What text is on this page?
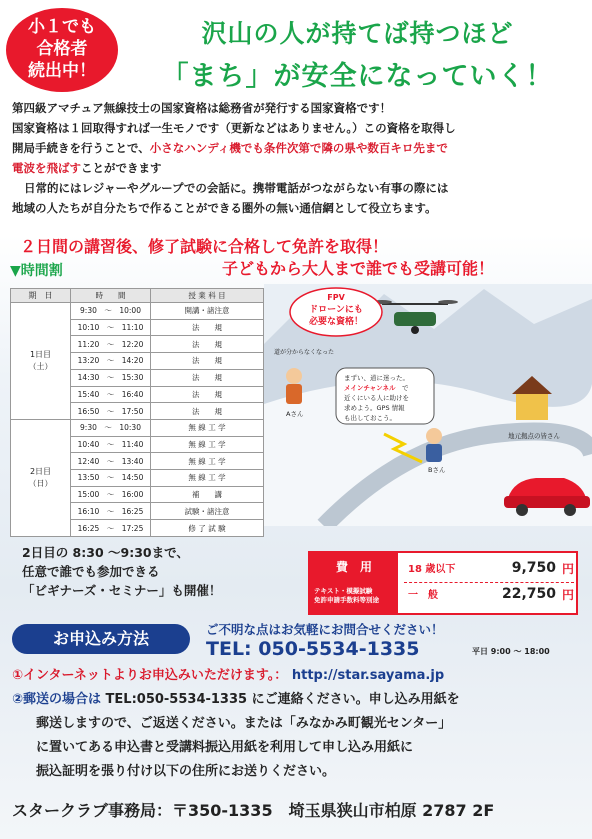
小１でも
合格者
続出中！
沢山の人が持てば持つほど
「まち」が安全になっていく！

第四級アマチュア無線技士の国家資格は総務省が発行する国家資格です！

国家資格は１回取得すれば一生モノです（更新などはありません。）この資格を取得し

開局手続きを行うことで、小さなハンディ機でも条件次第で隣の県や数百キロ先まで

電波を飛ばすことができます

日常的にはレジャーやグループでの会話に。携帯電話がつながらない有事の際には

地域の人たちが自分たちで作ることができる圏外の無い通信網として役立ちます。

２日間の講習後、修了試験に合格して免許を取得！
子どもから大人まで誰でも受講可能！
▼時間割
期　日	時　　間	授 業 科 目
1日目
（土）	9:30　～　10:00	開講・諸注意
	10:10　～　11:10	法　　規
	11:20　～　12:20	法　　規
	13:20　～　14:20	法　　規
	14:30　～　15:30	法　　規
	15:40　～　16:40	法　　規
	16:50　～　17:50	法　　規
2日目
（日）	9:30　～　10:30	無 線 工 学
	10:40　～　11:40	無 線 工 学
	12:40　～　13:40	無 線 工 学
	13:50　～　14:50	無 線 工 学
	15:00　～　16:00	補　　講
	16:10　～　16:25	試験・諸注意
	16:25　～　17:25	修 了 試 験
FPV
ドローンにも
必要な資格！
まずい、道に迷った。
メインチャンネル で
近くにいる人に助けを
求めよう。GPS 情報
も出しておこう。
Aさん
Bさん
地元拠点の皆さん
道が分からなくなった
2日目の 8:30 ～9:30まで、
任意で誰でも参加できる
「ビギナーズ・セミナー」も開催！
費　用
テキスト・模擬試験
免許申請手数料等別途
18 歳以下	9,750 円
一　般	22,750 円
お申込み方法	ご不明な点はお気軽にお問合せください！
TEL: 050-5534-1335	平日 9:00 ～ 18:00
①インターネットよりお申込みいただけます。： http://star.sayama.jp

②郵送の場合は TEL:050-5534-1335 にご連絡ください。申し込み用紙を

郵送しますので、ご返送ください。または「みなかみ町観光センター」

に置いてある申込書と受講料振込用紙を利用して申し込み用紙に

振込証明を張り付け以下の住所にお送りください。

スタークラブ事務局：〒350-1335　埼玉県狭山市柏原 2787 2F
